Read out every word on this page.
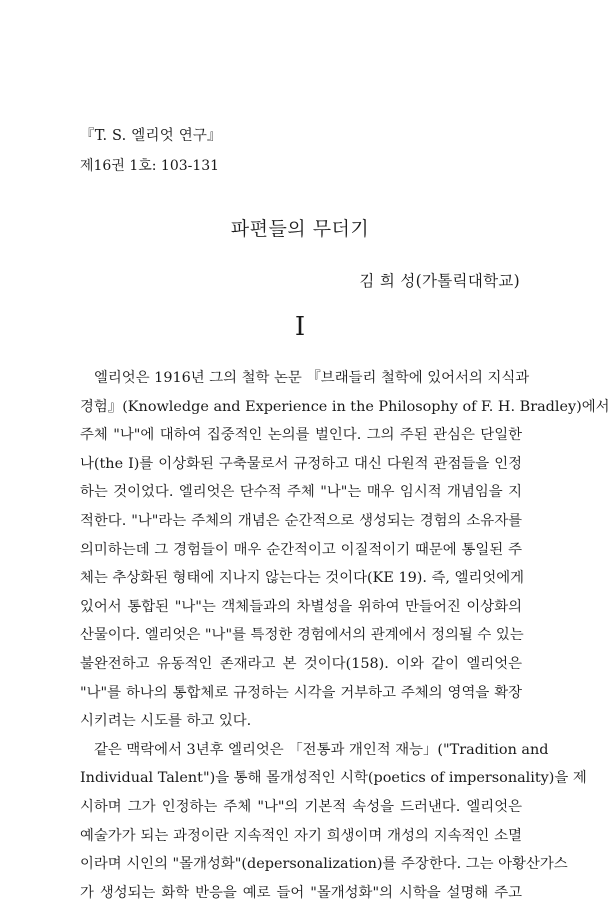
『T. S. 엘리엇 연구』
제16권 1호: 103-131
파편들의 무더기
김 희 성(가톨릭대학교)
I
엘리엇은 1916년 그의 철학 논문 『브래들리 철학에 있어서의 지식과
경험』(Knowledge and Experience in the Philosophy of F. H. Bradley)에서
주체 "나"에 대하여 집중적인 논의를 벌인다. 그의 주된 관심은 단일한
나(the I)를 이상화된 구축물로서 규정하고 대신 다원적 관점들을 인정
하는 것이었다. 엘리엇은 단수적 주체 "나"는 매우 임시적 개념임을 지
적한다. "나"라는 주체의 개념은 순간적으로 생성되는 경험의 소유자를
의미하는데 그 경험들이 매우 순간적이고 이질적이기 때문에 통일된 주
체는 추상화된 형태에 지나지 않는다는 것이다(KE 19). 즉, 엘리엇에게
있어서 통합된 "나"는 객체들과의 차별성을 위하여 만들어진 이상화의
산물이다. 엘리엇은 "나"를 특정한 경험에서의 관계에서 정의될 수 있는
불완전하고 유동적인 존재라고 본 것이다(158). 이와 같이 엘리엇은
"나"를 하나의 통합체로 규정하는 시각을 거부하고 주체의 영역을 확장
시키려는 시도를 하고 있다.
같은 맥락에서 3년후 엘리엇은 「전통과 개인적 재능」("Tradition and
Individual Talent")을 통해 몰개성적인 시학(poetics of impersonality)을 제
시하며 그가 인정하는 주체 "나"의 기본적 속성을 드러낸다. 엘리엇은
예술가가 되는 과정이란 지속적인 자기 희생이며 개성의 지속적인 소멸
이라며 시인의 "몰개성화"(depersonalization)를 주장한다. 그는 아황산가스
가 생성되는 화학 반응을 예로 들어 "몰개성화"의 시학을 설명해 주고
